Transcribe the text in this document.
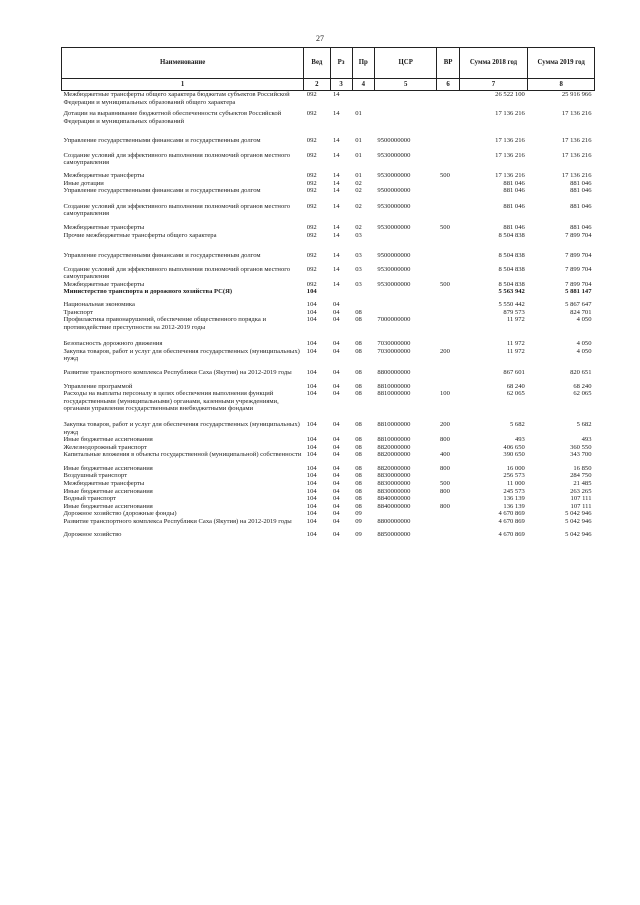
27
Наименование	Вед	Рз	Пр	ЦСР	ВР	Сумма 2018 год	Сумма 2019 год
1	2	3	4	5	6	7	8
Межбюджетные трансферты общего характера бюджетам субъектов Российской Федерации и муниципальных образований общего характера	092	14				26 522 100	25 916 966
Дотации на выравнивание бюджетной обеспеченности субъектов Российской Федерации и муниципальных образований	092	14	01			17 136 216	17 136 216
Управление государственными финансами и государственным долгом	092	14	01	9500000000		17 136 216	17 136 216
Создание условий для эффективного выполнения полномочий органов местного самоуправления	092	14	01	9530000000		17 136 216	17 136 216
Межбюджетные трансферты	092	14	01	9530000000	500	17 136 216	17 136 216
Иные дотации	092	14	02			881 046	881 046
Управление государственными финансами и государственным долгом	092	14	02	9500000000		881 046	881 046
Создание условий для эффективного выполнения полномочий органов местного самоуправления	092	14	02	9530000000		881 046	881 046
Межбюджетные трансферты	092	14	02	9530000000	500	881 046	881 046
Прочие межбюджетные трансферты общего характера	092	14	03			8 504 838	7 899 704
Управление государственными финансами и государственным долгом	092	14	03	9500000000		8 504 838	7 899 704
Создание условий для эффективного выполнения полномочий органов местного самоуправления	092	14	03	9530000000		8 504 838	7 899 704
Межбюджетные трансферты	092	14	03	9530000000	500	8 504 838	7 899 704
Министерство транспорта и дорожного хозяйства РС(Я)	104					5 563 942	5 881 147
Национальная экономика	104	04				5 550 442	5 867 647
Транспорт	104	04	08			879 573	824 701
Профилактика правонарушений, обеспечение общественного порядка и противодействие преступности на 2012-2019 годы	104	04	08	7000000000		11 972	4 050
Безопасность дорожного движения	104	04	08	7030000000		11 972	4 050
Закупка товаров, работ и услуг для обеспечения государственных (муниципальных) нужд	104	04	08	7030000000	200	11 972	4 050
Развитие транспортного комплекса Республики Саха (Якутия) на 2012-2019 годы	104	04	08	8800000000		867 601	820 651
Управление программой	104	04	08	8810000000		68 240	68 240
Расходы на выплаты персоналу в целях обеспечения выполнения функций государственными (муниципальными) органами, казенными учреждениями, органами управления государственными внебюджетными фондами	104	04	08	8810000000	100	62 065	62 065
Закупка товаров, работ и услуг для обеспечения государственных (муниципальных) нужд	104	04	08	8810000000	200	5 682	5 682
Иные бюджетные ассигнования	104	04	08	8810000000	800	493	493
Железнодорожный транспорт	104	04	08	8820000000		406 650	360 550
Капитальные вложения в объекты государственной (муниципальной) собственности	104	04	08	8820000000	400	390 650	343 700
Иные бюджетные ассигнования	104	04	08	8820000000	800	16 000	16 850
Воздушный транспорт	104	04	08	8830000000		256 573	284 750
Межбюджетные трансферты	104	04	08	8830000000	500	11 000	21 485
Иные бюджетные ассигнования	104	04	08	8830000000	800	245 573	263 265
Водный транспорт	104	04	08	8840000000		136 139	107 111
Иные бюджетные ассигнования	104	04	08	8840000000	800	136 139	107 111
Дорожное хозяйство (дорожные фонды)	104	04	09			4 670 869	5 042 946
Развитие транспортного комплекса Республики Саха (Якутия) на 2012-2019 годы	104	04	09	8800000000		4 670 869	5 042 946
Дорожное хозяйство	104	04	09	8850000000		4 670 869	5 042 946
